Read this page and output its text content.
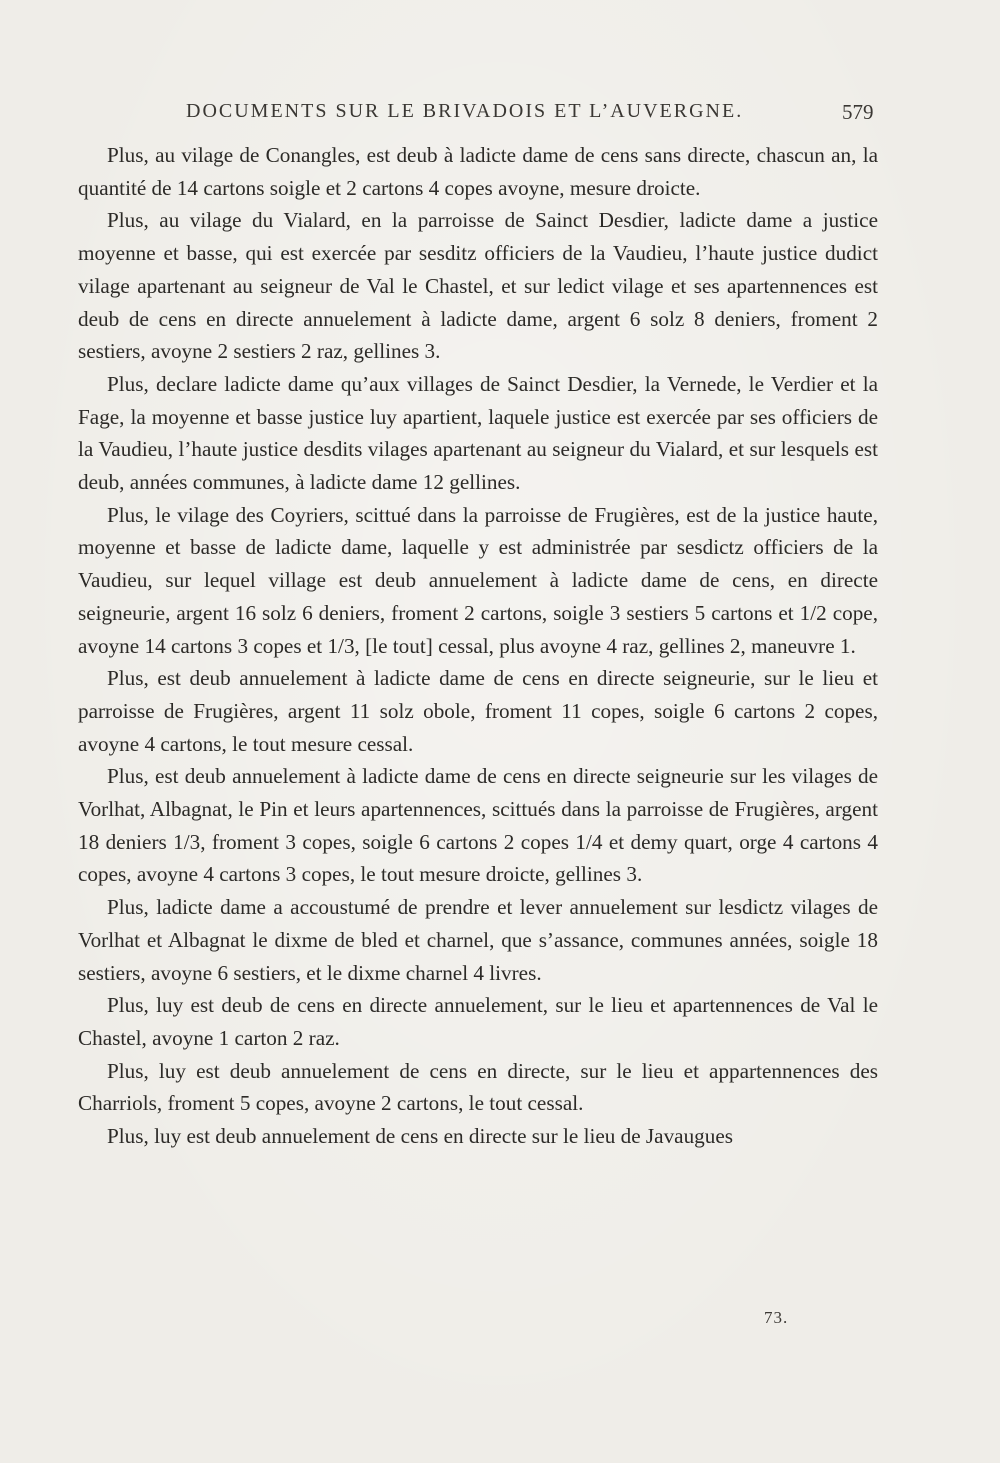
DOCUMENTS SUR LE BRIVADOIS ET L’AUVERGNE.	579

Plus, au vilage de Conangles, est deub à ladicte dame de cens sans directe, chascun an, la quantité de 14 cartons soigle et 2 cartons 4 copes avoyne, mesure droicte.

Plus, au vilage du Vialard, en la parroisse de Sainct Desdier, ladicte dame a justice moyenne et basse, qui est exercée par sesditz officiers de la Vaudieu, l’haute justice dudict vilage apartenant au seigneur de Val le Chastel, et sur ledict vilage et ses apartennences est deub de cens en directe annuelement à ladicte dame, argent 6 solz 8 deniers, froment 2 sestiers, avoyne 2 sestiers 2 raz, gellines 3.

Plus, declare ladicte dame qu’aux villages de Sainct Desdier, la Vernede, le Verdier et la Fage, la moyenne et basse justice luy apartient, laquele justice est exercée par ses officiers de la Vaudieu, l’haute justice desdits vilages apartenant au seigneur du Vialard, et sur lesquels est deub, années communes, à ladicte dame 12 gellines.

Plus, le vilage des Coyriers, scittué dans la parroisse de Frugières, est de la justice haute, moyenne et basse de ladicte dame, laquelle y est administrée par sesdictz officiers de la Vaudieu, sur lequel village est deub annuelement à ladicte dame de cens, en directe seigneurie, argent 16 solz 6 deniers, froment 2 cartons, soigle 3 sestiers 5 cartons et 1/2 cope, avoyne 14 cartons 3 copes et 1/3, [le tout] cessal, plus avoyne 4 raz, gellines 2, maneuvre 1.

Plus, est deub annuelement à ladicte dame de cens en directe seigneurie, sur le lieu et parroisse de Frugières, argent 11 solz obole, froment 11 copes, soigle 6 cartons 2 copes, avoyne 4 cartons, le tout mesure cessal.

Plus, est deub annuelement à ladicte dame de cens en directe seigneurie sur les vilages de Vorlhat, Albagnat, le Pin et leurs apartennences, scittués dans la parroisse de Frugières, argent 18 deniers 1/3, froment 3 copes, soigle 6 cartons 2 copes 1/4 et demy quart, orge 4 cartons 4 copes, avoyne 4 cartons 3 copes, le tout mesure droicte, gellines 3.

Plus, ladicte dame a accoustumé de prendre et lever annuelement sur lesdictz vilages de Vorlhat et Albagnat le dixme de bled et charnel, que s’assance, communes années, soigle 18 sestiers, avoyne 6 sestiers, et le dixme charnel 4 livres.

Plus, luy est deub de cens en directe annuelement, sur le lieu et apartennences de Val le Chastel, avoyne 1 carton 2 raz.

Plus, luy est deub annuelement de cens en directe, sur le lieu et appartennences des Charriols, froment 5 copes, avoyne 2 cartons, le tout cessal.

Plus, luy est deub annuelement de cens en directe sur le lieu de Javaugues

73.
